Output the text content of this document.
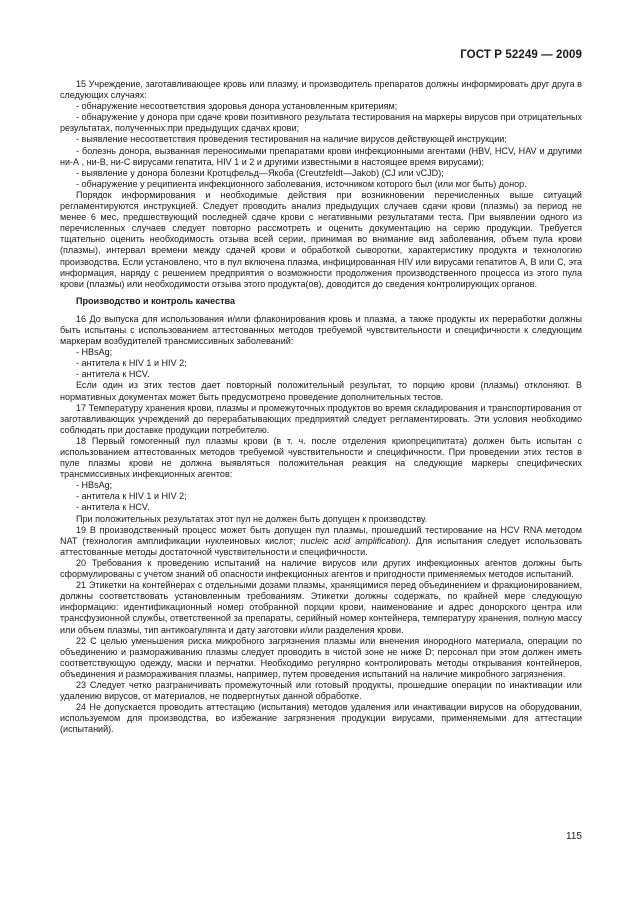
ГОСТ Р 52249 — 2009

15 Учреждение, заготавливающее кровь или плазму, и производитель препаратов должны информировать друг друга в следующих случаях:

- обнаружение несоответствия здоровья донора установленным критериям;

- обнаружение у донора при сдаче крови позитивного результата тестирования на маркеры вирусов при отрицательных результатах, полученных при предыдущих сдачах крови;

- выявление несоответствия проведения тестирования на наличие вирусов действующей инструкции;

- болезнь донора, вызванная переносимыми препаратами крови инфекционными агентами (HBV, HCV, HAV и другими ни-А , ни-В, ни-С вирусами гепатита, HIV 1 и 2 и другими известными в настоящее время вирусами);

- выявление у донора болезни Кротцфельд—Якоба (Creutzfeldt—Jakob) (CJ или vCJD);

- обнаружение у реципиента инфекционного заболевания, источником которого был (или мог быть) донор.

Порядок информирования и необходимые действия при возникновении перечисленных выше ситуаций регламентируются инструкцией. Следует проводить анализ предыдущих случаев сдачи крови (плазмы) за период не менее 6 мес, предшествующий последней сдаче крови с негативными результатами теста. При выявлении одного из перечисленных случаев следует повторно рассмотреть и оценить документацию на серию продукции. Требуется тщательно оценить необходимость отзыва всей серии, принимая во внимание вид заболевания, объем пула крови (плазмы), интервал времени между сдачей крови и обработкой сыворотки, характеристику продукта и технологию производства. Если установлено, что в пул включена плазма, инфицированная HIV или вирусами гепатитов А, В или С, эта информация, наряду с решением предприятия о возможности продолжения производственного процесса из этого пула крови (плазмы) или необходимости отзыва этого продукта(ов), доводится до сведения контролирующих органов.

Производство и контроль качества

16 До выпуска для использования и/или флаконирования кровь и плазма, а также продукты их переработки должны быть испытаны с использованием аттестованных методов требуемой чувствительности и специфичности к следующим маркерам возбудителей трансмиссивных заболеваний:

- HBsAg;

- антитела к HIV 1 и HIV 2;

- антитела к HCV.

Если один из этих тестов дает повторный положительный результат, то порцию крови (плазмы) отклоняют. В нормативных документах может быть предусмотрено проведение дополнительных тестов.

17 Температуру хранения крови, плазмы и промежуточных продуктов во время складирования и транспортирования от заготавливающих учреждений до перерабатывающих предприятий следует регламентировать. Эти условия необходимо соблюдать при доставке продукции потребителю.

18 Первый гомогенный пул плазмы крови (в т. ч. после отделения криопреципитата) должен быть испытан с использованием аттестованных методов требуемой чувствительности и специфичности. При проведении этих тестов в пуле плазмы крови не должна выявляться положительная реакция на следующие маркеры специфических трансмиссивных инфекционных агентов:

- HBsAg;

- антитела к HIV 1 и HIV 2;

- антитела к HCV.

При положительных результатах этот пул не должен быть допущен к производству.

19 В производственный процесс может быть допущен пул плазмы, прошедший тестирование на HCV RNA методом NAT (технология амплификации нуклеиновых кислот; nucleic acid amplification). Для испытания следует использовать аттестованные методы достаточной чувствительности и специфичности.

20 Требования к проведению испытаний на наличие вирусов или других инфекционных агентов должны быть сформулированы с учетом знаний об опасности инфекционных агентов и пригодности применяемых методов испытаний.

21 Этикетки на контейнерах с отдельными дозами плазмы, хранящимися перед объединением и фракционированием, должны соответствовать установленным требованиям. Этикетки должны содержать, по крайней мере следующую информацию: идентификационный номер отобранной порции крови, наименование и адрес донорского центра или трансфузионной службы, ответственной за препараты, серийный номер контейнера, температуру хранения, полную массу или объем плазмы, тип антикоагулянта и дату заготовки и/или разделения крови.

22 С целью уменьшения риска микробного загрязнения плазмы или вненения инородного материала, операции по объединению и размораживанию плазмы следует проводить в чистой зоне не ниже D; персонал при этом должен иметь соответствующую одежду, маски и перчатки. Необходимо регулярно контролировать методы открывания контейнеров, объединения и размораживания плазмы, например, путем проведения испытаний на наличие микробного загрязнения.

23 Следует четко разграничивать промежуточный или готовый продукты, прошедшие операции по инактивации или удалению вирусов, от материалов, не подвергнутых данной обработке.

24 Не допускается проводить аттестацию (испытания) методов удаления или инактивации вирусов на оборудовании, используемом для производства, во избежание загрязнения продукции вирусами, применяемыми для аттестации (испытаний).

115
